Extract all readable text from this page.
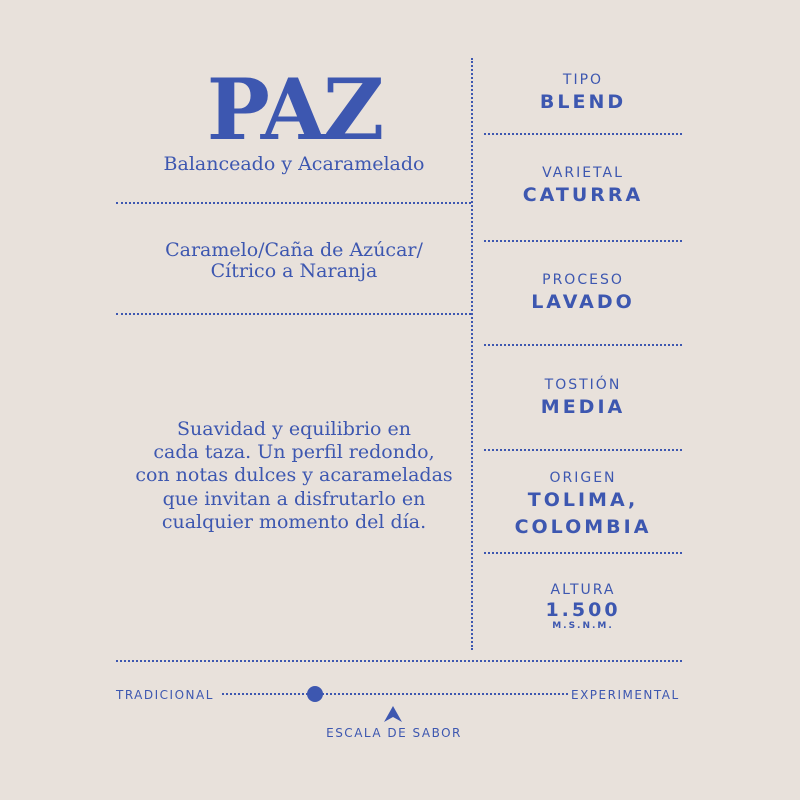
PAZ
Balanceado y Acaramelado
Caramelo/Caña de Azúcar/
Cítrico a Naranja
Suavidad y equilibrio en
cada taza. Un perfil redondo,
con notas dulces y acarameladas
que invitan a disfrutarlo en
cualquier momento del día.
TIPO
BLEND
VARIETAL
CATURRA
PROCESO
LAVADO
TOSTIÓN
MEDIA
ORIGEN
TOLIMA,
COLOMBIA
ALTURA
1.500
M.S.N.M.
TRADICIONAL	EXPERIMENTAL
ESCALA DE SABOR
